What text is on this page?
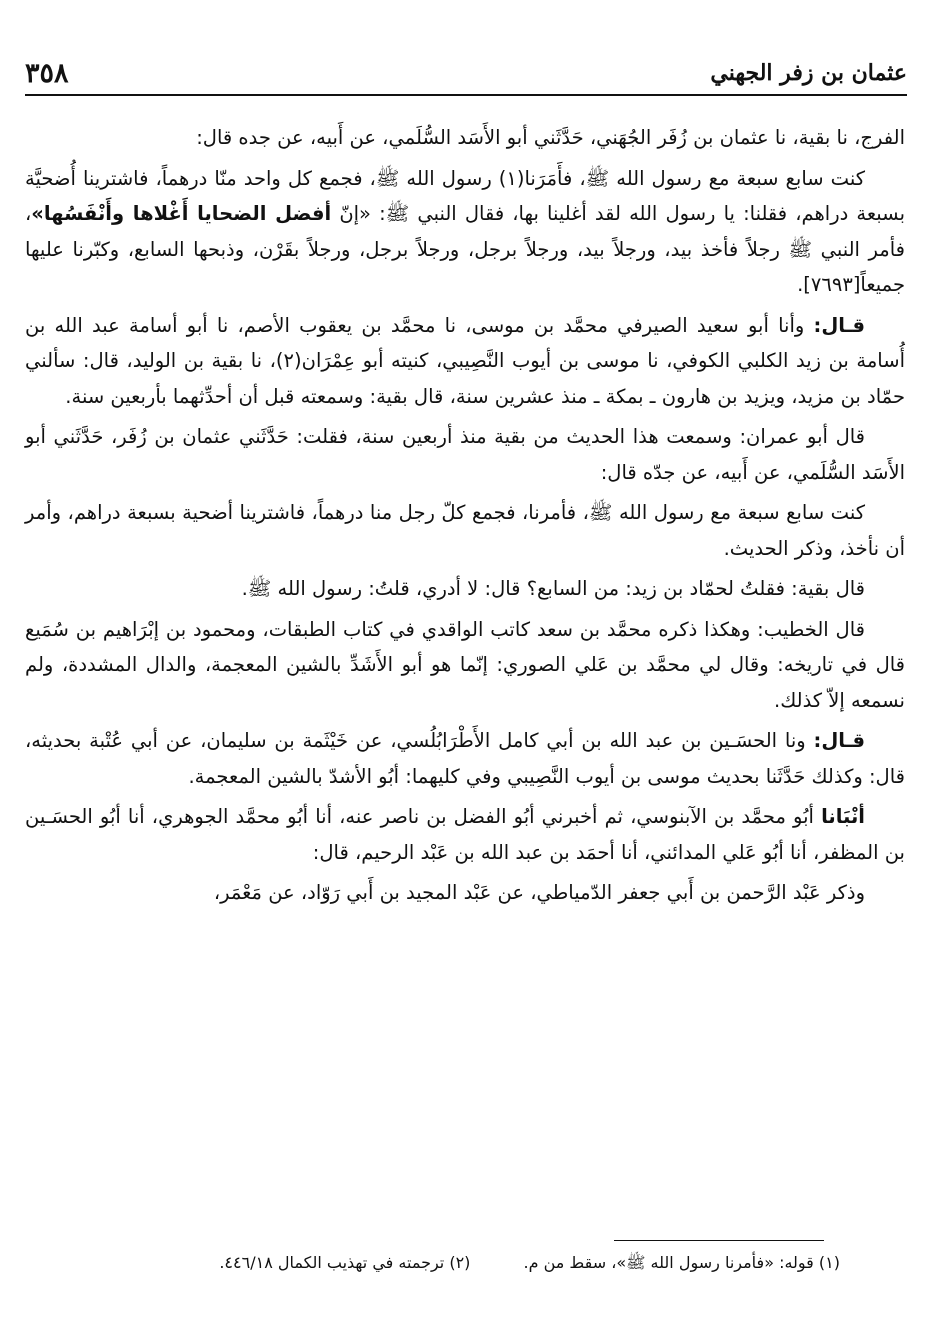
٣٥٨	عثمان بن زفر الجهني

الفرج، نا بقية، نا عثمان بن زُفَر الجُهَني، حَدَّثَني أبو الأَسَد السُّلَمي، عن أَبيه، عن جده قال:

كنت سابع سبعة مع رسول الله ﷺ، فأَمَرَنا(١) رسول الله ﷺ، فجمع كل واحد منّا درهماً، فاشترينا أُضحيَّة بسبعة دراهم، فقلنا: يا رسول الله لقد أغلينا بها، فقال النبي ﷺ: «إنّ أفضل الضحايا أَغْلاها وأَنْفَسُها»، فأمر النبي ﷺ رجلاً فأخذ بيد، ورجلاً بيد، ورجلاً برجل، ورجلاً برجل، ورجلاً بقَرْن، وذبحها السابع، وكبّرنا عليها جميعاً[٧٦٩٣].

قـال: وأنا أبو سعيد الصيرفي محمَّد بن موسى، نا محمَّد بن يعقوب الأصم، نا أبو أسامة عبد الله بن أُسامة بن زيد الكلبي الكوفي، نا موسى بن أيوب النَّصِيبي، كنيته أبو عِمْرَان(٢)، نا بقية بن الوليد، قال: سألني حمّاد بن مزيد، ويزيد بن هارون ـ بمكة ـ منذ عشرين سنة، قال بقية: وسمعته قبل أن أحدِّثهما بأربعين سنة.

قال أبو عمران: وسمعت هذا الحديث من بقية منذ أربعين سنة، فقلت: حَدَّثَني عثمان بن زُفَر، حَدَّثَني أبو الأَسَد السُّلَمي، عن أَبيه، عن جدّه قال:

كنت سابع سبعة مع رسول الله ﷺ، فأمرنا، فجمع كلّ رجل منا درهماً، فاشترينا أضحية بسبعة دراهم، وأمر أن نأخذ، وذكر الحديث.

قال بقية: فقلتُ لحمّاد بن زيد: من السابع؟ قال: لا أدري، قلتُ: رسول الله ﷺ.

قال الخطيب: وهكذا ذكره محمَّد بن سعد كاتب الواقدي في كتاب الطبقات، ومحمود بن إبْرَاهيم بن سُمَيع قال في تاريخه: وقال لي محمَّد بن عَلي الصوري: إنّما هو أبو الأَشَدِّ بالشين المعجمة، والدال المشددة، ولم نسمعه إلاّ كذلك.

قـال: ونا الحسَـين بن عبد الله بن أبي كامل الأَطْرَابُلُسي، عن خَيْثَمة بن سليمان، عن أبي عُتْبة بحديثه، قال: وكذلك حَدَّثَنا بحديث موسى بن أيوب النَّصِيبي وفي كليهما: أبُو الأشدّ بالشين المعجمة.

أنْبَانا أبُو محمَّد بن الآبنوسي، ثم أخبرني أبُو الفضل بن ناصر عنه، أنا أبُو محمَّد الجوهري، أنا أبُو الحسَـين بن المظفر، أنا أبُو عَلي المدائني، أنا أحمَد بن عبد الله بن عَبْد الرحيم، قال:

وذكر عَبْد الرَّحمن بن أَبي جعفر الدّمياطي، عن عَبْد المجيد بن أَبي رَوّاد، عن مَعْمَر،

(١) قوله: «فأمرنا رسول الله ﷺ»، سقط من م. (٢) ترجمته في تهذيب الكمال ٤٤٦/١٨.
